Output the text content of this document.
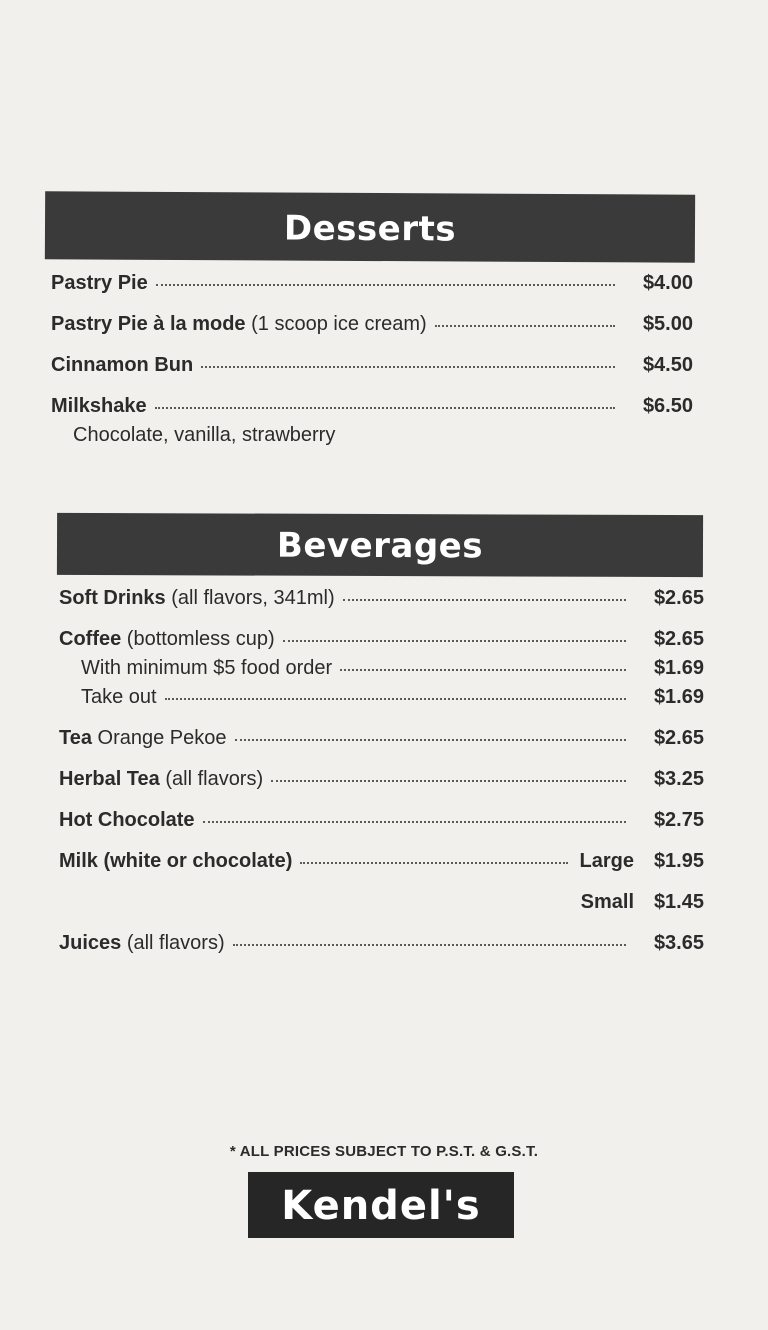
Desserts
Pastry Pie	$4.00
Pastry Pie à la mode (1 scoop ice cream)	$5.00
Cinnamon Bun	$4.50
Milkshake	$6.50
Chocolate, vanilla, strawberry
Beverages
Soft Drinks (all flavors, 341ml)	$2.65
Coffee (bottomless cup)	$2.65
With minimum $5 food order	$1.69
Take out	$1.69
Tea Orange Pekoe	$2.65
Herbal Tea (all flavors)	$3.25
Hot Chocolate	$2.75
Milk (white or chocolate)	Large $1.95
Small $1.45
Juices (all flavors)	$3.65
* ALL PRICES SUBJECT TO P.S.T. & G.S.T.
Kendel's
